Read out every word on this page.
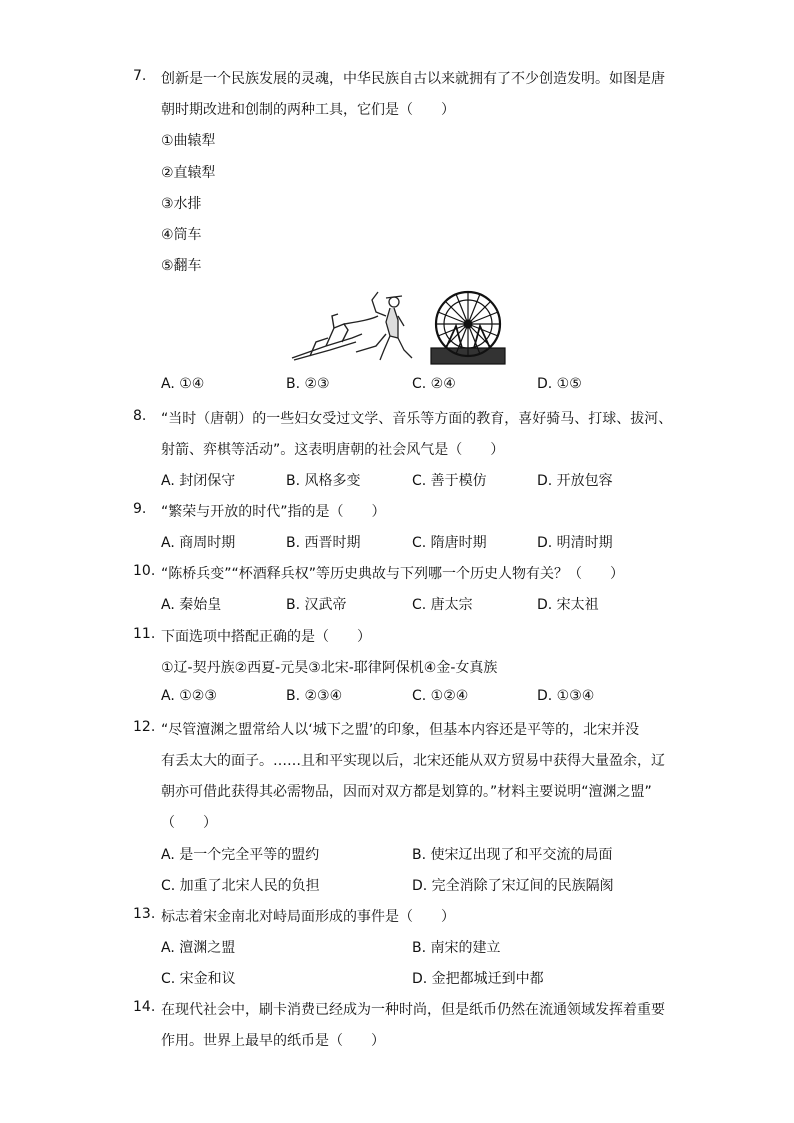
7. 创新是一个民族发展的灵魂，中华民族自古以来就拥有了不少创造发明。如图是唐
朝时期改进和创制的两种工具，它们是（　　）
①曲辕犁
②直辕犁
③水排
④筒车
⑤翻车
A. ①④	B. ②③	C. ②④	D. ①⑤
8. “当时（唐朝）的一些妇女受过文学、音乐等方面的教育，喜好骑马、打球、拔河、
射箭、弈棋等活动”。这表明唐朝的社会风气是（　　）
A. 封闭保守	B. 风格多变	C. 善于模仿	D. 开放包容
9. “繁荣与开放的时代”指的是（　　）
A. 商周时期	B. 西晋时期	C. 隋唐时期	D. 明清时期
10. “陈桥兵变”“杯酒释兵权”等历史典故与下列哪一个历史人物有关？（　　）
A. 秦始皇	B. 汉武帝	C. 唐太宗	D. 宋太祖
11. 下面选项中搭配正确的是（　　）
①辽-契丹族②西夏-元昊③北宋-耶律阿保机④金-女真族
A. ①②③	B. ②③④	C. ①②④	D. ①③④
12. “尽管澶渊之盟常给人以‘城下之盟’的印象，但基本内容还是平等的，北宋并没
有丢太大的面子。……且和平实现以后，北宋还能从双方贸易中获得大量盈余，辽
朝亦可借此获得其必需物品，因而对双方都是划算的。”材料主要说明“澶渊之盟”
（　　）
A. 是一个完全平等的盟约	B. 使宋辽出现了和平交流的局面
C. 加重了北宋人民的负担	D. 完全消除了宋辽间的民族隔阂
13. 标志着宋金南北对峙局面形成的事件是（　　）
A. 澶渊之盟	B. 南宋的建立
C. 宋金和议	D. 金把都城迁到中都
14. 在现代社会中，刷卡消费已经成为一种时尚，但是纸币仍然在流通领域发挥着重要
作用。世界上最早的纸币是（　　）
